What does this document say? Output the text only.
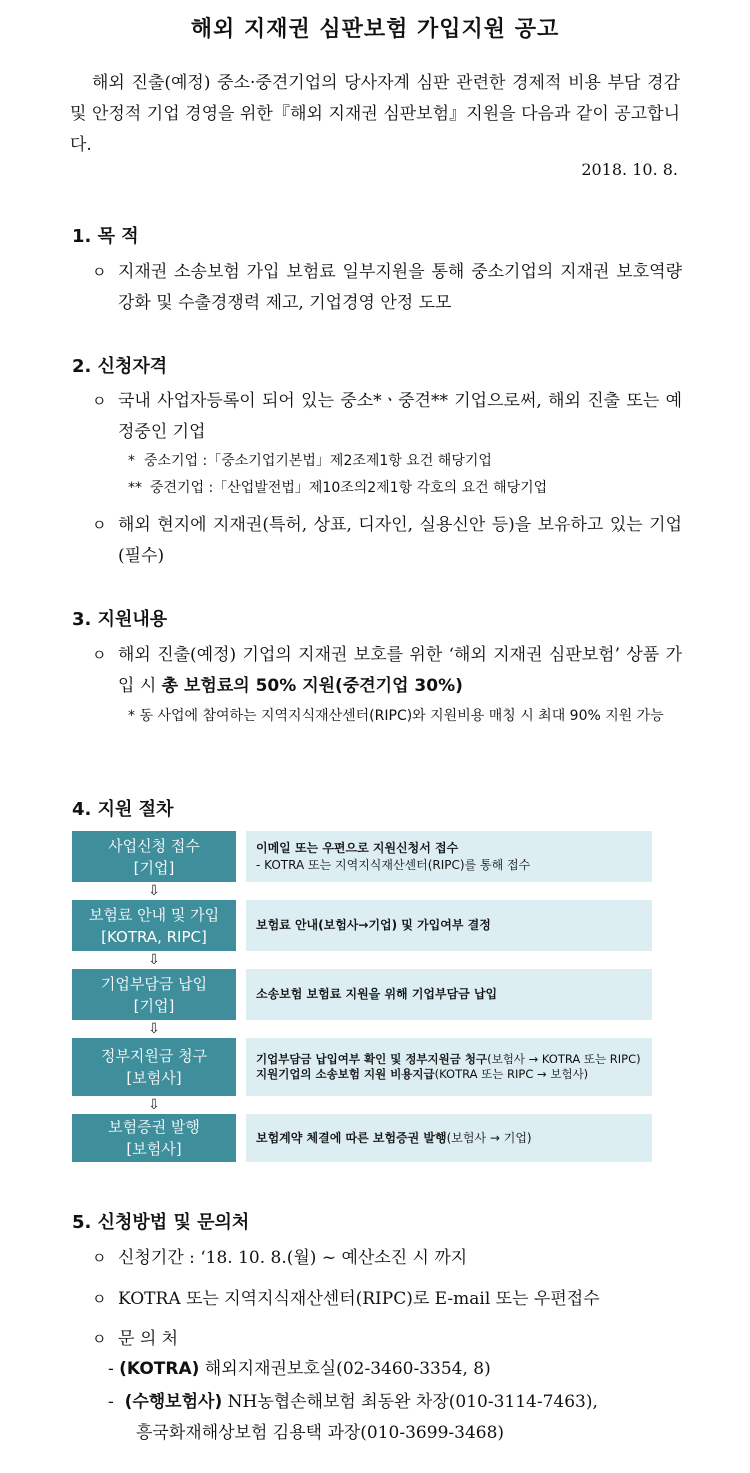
해외 지재권 심판보험 가입지원 공고
해외 진출(예정) 중소·중견기업의 당사자계 심판 관련한 경제적 비용 부담 경감 및 안정적 기업 경영을 위한『해외 지재권 심판보험』지원을 다음과 같이 공고합니다.
2018. 10. 8.
1. 목 적
ㅇ 지재권 소송보험 가입 보험료 일부지원을 통해 중소기업의 지재권 보호역량 강화 및 수출경쟁력 제고, 기업경영 안정 도모
2. 신청자격
ㅇ 국내 사업자등록이 되어 있는 중소*ㆍ중견** 기업으로써, 해외 진출 또는 예정중인 기업
* 중소기업 :「중소기업기본법」제2조제1항 요건 해당기업
** 중견기업 :「산업발전법」제10조의2제1항 각호의 요건 해당기업
ㅇ 해외 현지에 지재권(특허, 상표, 디자인, 실용신안 등)을 보유하고 있는 기업(필수)
3. 지원내용
ㅇ 해외 진출(예정) 기업의 지재권 보호를 위한 ‘해외 지재권 심판보험’ 상품 가입 시 총 보험료의 50% 지원(중견기업 30%)
* 동 사업에 참여하는 지역지식재산센터(RIPC)와 지원비용 매칭 시 최대 90% 지원 가능
4. 지원 절차
사업신청 접수
[기업]
이메일 또는 우편으로 지원신청서 접수
- KOTRA 또는 지역지식재산센터(RIPC)를 통해 접수
⇩
보험료 안내 및 가입
[KOTRA, RIPC]
보험료 안내(보험사→기업) 및 가입여부 결정
⇩
기업부담금 납입
[기업]
소송보험 보험료 지원을 위해 기업부담금 납입
⇩
정부지원금 청구
[보험사]
기업부담금 납입여부 확인 및 정부지원금 청구(보험사 → KOTRA 또는 RIPC)
지원기업의 소송보험 지원 비용지급(KOTRA 또는 RIPC → 보험사)
⇩
보험증권 발행
[보험사]
보험계약 체결에 따른 보험증권 발행(보험사 → 기업)
5. 신청방법 및 문의처
ㅇ 신청기간 : ‘18. 10. 8.(월) ~ 예산소진 시 까지
ㅇ KOTRA 또는 지역지식재산센터(RIPC)로 E-mail 또는 우편접수
ㅇ 문 의 처
- (KOTRA) 해외지재권보호실(02-3460-3354, 8)
-  (수행보험사) NH농협손해보험 최동완 차장(010-3114-7463),
흥국화재해상보험 김용택 과장(010-3699-3468)
